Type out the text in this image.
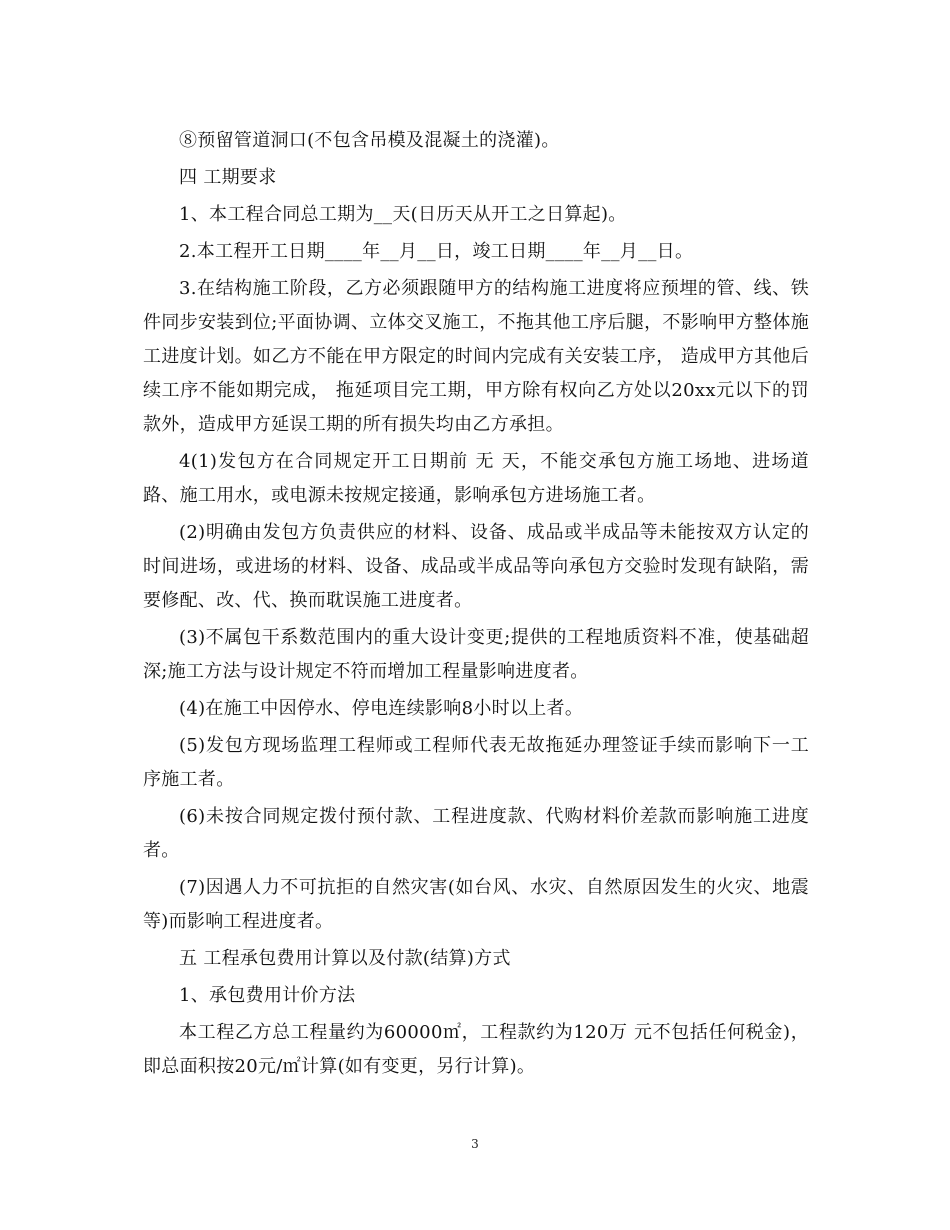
⑧预留管道洞口(不包含吊模及混凝土的浇灌)。

四 工期要求

1、本工程合同总工期为__天(日历天从开工之日算起)。

2.本工程开工日期____年__月__日，竣工日期____年__月__日。

3.在结构施工阶段，乙方必须跟随甲方的结构施工进度将应预埋的管、线、铁件同步安装到位;平面协调、立体交叉施工，不拖其他工序后腿，不影响甲方整体施工进度计划。如乙方不能在甲方限定的时间内完成有关安装工序， 造成甲方其他后续工序不能如期完成， 拖延项目完工期，甲方除有权向乙方处以20xx元以下的罚款外，造成甲方延误工期的所有损失均由乙方承担。

4(1)发包方在合同规定开工日期前 无 天，不能交承包方施工场地、进场道路、施工用水，或电源未按规定接通，影响承包方进场施工者。

(2)明确由发包方负责供应的材料、设备、成品或半成品等未能按双方认定的时间进场，或进场的材料、设备、成品或半成品等向承包方交验时发现有缺陷，需要修配、改、代、换而耽误施工进度者。

(3)不属包干系数范围内的重大设计变更;提供的工程地质资料不准，使基础超深;施工方法与设计规定不符而增加工程量影响进度者。

(4)在施工中因停水、停电连续影响8小时以上者。

(5)发包方现场监理工程师或工程师代表无故拖延办理签证手续而影响下一工序施工者。

(6)未按合同规定拨付预付款、工程进度款、代购材料价差款而影响施工进度者。

(7)因遇人力不可抗拒的自然灾害(如台风、水灾、自然原因发生的火灾、地震等)而影响工程进度者。

五 工程承包费用计算以及付款(结算)方式

1、承包费用计价方法

本工程乙方总工程量约为60000㎡，工程款约为120万 元不包括任何税金)，即总面积按20元/㎡计算(如有变更，另行计算)。

3
